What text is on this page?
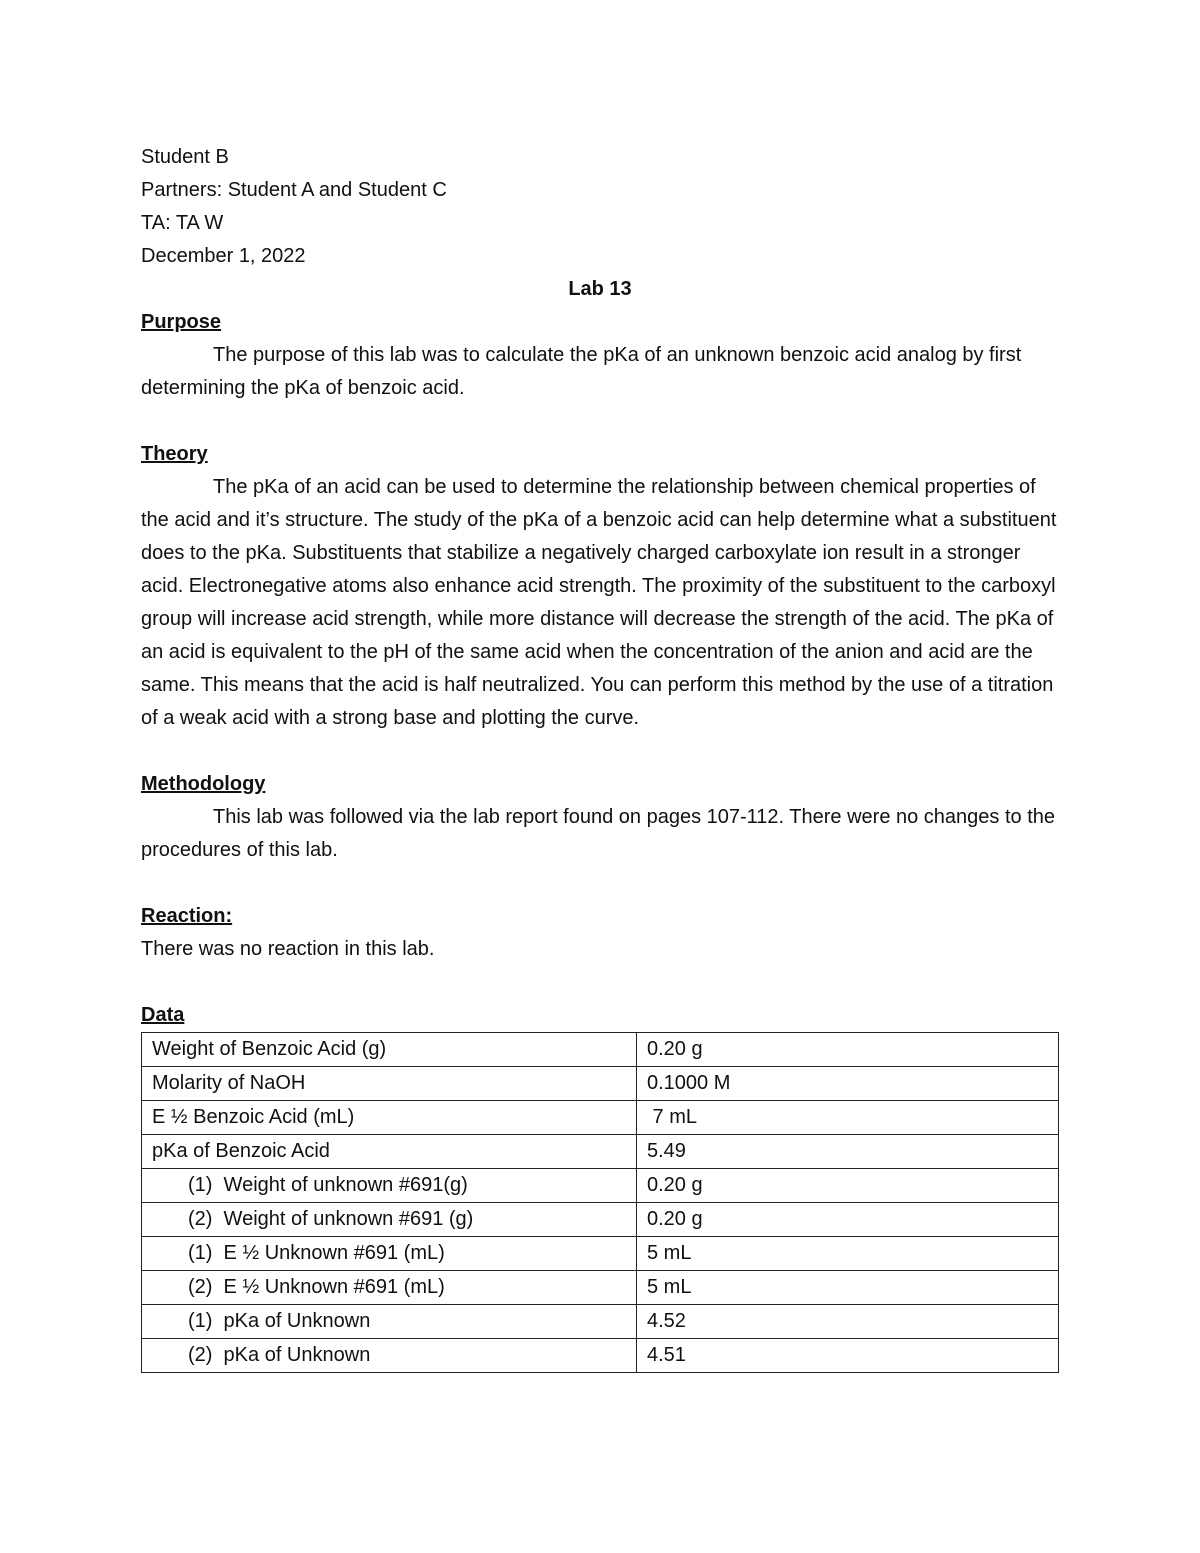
Student B
Partners: Student A and Student C
TA: TA W
December 1, 2022
Lab 13
Purpose
The purpose of this lab was to calculate the pKa of an unknown benzoic acid analog by first determining the pKa of benzoic acid.
Theory
The pKa of an acid can be used to determine the relationship between chemical properties of the acid and it’s structure. The study of the pKa of a benzoic acid can help determine what a substituent does to the pKa. Substituents that stabilize a negatively charged carboxylate ion result in a stronger acid. Electronegative atoms also enhance acid strength. The proximity of the substituent to the carboxyl group will increase acid strength, while more distance will decrease the strength of the acid. The pKa of an acid is equivalent to the pH of the same acid when the concentration of the anion and acid are the same. This means that the acid is half neutralized. You can perform this method by the use of a titration of a weak acid with a strong base and plotting the curve.
Methodology
This lab was followed via the lab report found on pages 107-112. There were no changes to the procedures of this lab.
Reaction:
There was no reaction in this lab.
Data
Weight of Benzoic Acid (g)	0.20 g
Molarity of NaOH	0.1000 M
E ½ Benzoic Acid (mL)	7 mL
pKa of Benzoic Acid	5.49
(1)  Weight of unknown #691(g)	0.20 g
(2)  Weight of unknown #691 (g)	0.20 g
(1)  E ½ Unknown #691 (mL)	5 mL
(2)  E ½ Unknown #691 (mL)	5 mL
(1)  pKa of Unknown	4.52
(2)  pKa of Unknown	4.51
